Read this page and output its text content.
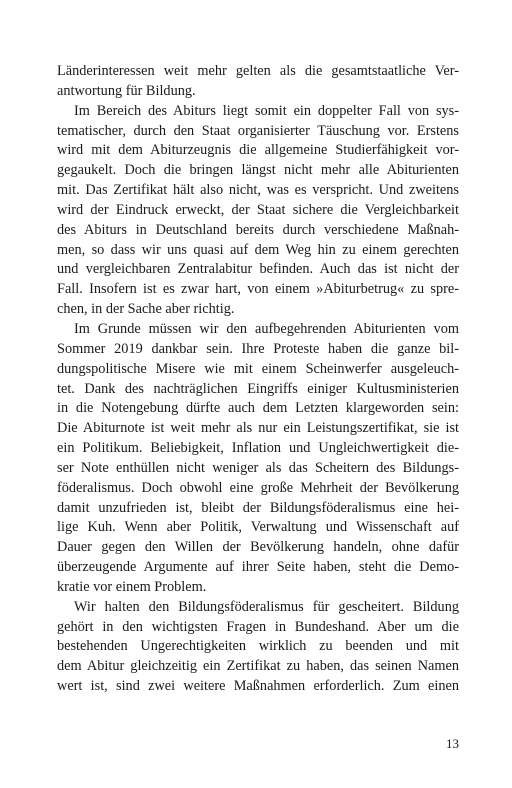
Länderinteressen weit mehr gelten als die gesamtstaatliche Ver-
antwortung für Bildung.
Im Bereich des Abiturs liegt somit ein doppelter Fall von sys-
tematischer, durch den Staat organisierter Täuschung vor. Erstens
wird mit dem Abiturzeugnis die allgemeine Studierfähigkeit vor-
gegaukelt. Doch die bringen längst nicht mehr alle Abiturienten
mit. Das Zertifikat hält also nicht, was es verspricht. Und zweitens
wird der Eindruck erweckt, der Staat sichere die Vergleichbarkeit
des Abiturs in Deutschland bereits durch verschiedene Maßnah-
men, so dass wir uns quasi auf dem Weg hin zu einem gerechten
und vergleichbaren Zentralabitur befinden. Auch das ist nicht der
Fall. Insofern ist es zwar hart, von einem »Abiturbetrug« zu spre-
chen, in der Sache aber richtig.
Im Grunde müssen wir den aufbegehrenden Abiturienten vom
Sommer 2019 dankbar sein. Ihre Proteste haben die ganze bil-
dungspolitische Misere wie mit einem Scheinwerfer ausgeleuch-
tet. Dank des nachträglichen Eingriffs einiger Kultusministerien
in die Notengebung dürfte auch dem Letzten klargeworden sein:
Die Abiturnote ist weit mehr als nur ein Leistungszertifikat, sie ist
ein Politikum. Beliebigkeit, Inflation und Ungleichwertigkeit die-
ser Note enthüllen nicht weniger als das Scheitern des Bildungs-
föderalismus. Doch obwohl eine große Mehrheit der Bevölkerung
damit unzufrieden ist, bleibt der Bildungsföderalismus eine hei-
lige Kuh. Wenn aber Politik, Verwaltung und Wissenschaft auf
Dauer gegen den Willen der Bevölkerung handeln, ohne dafür
überzeugende Argumente auf ihrer Seite haben, steht die Demo-
kratie vor einem Problem.
Wir halten den Bildungsföderalismus für gescheitert. Bildung
gehört in den wichtigsten Fragen in Bundeshand. Aber um die
bestehenden Ungerechtigkeiten wirklich zu beenden und mit
dem Abitur gleichzeitig ein Zertifikat zu haben, das seinen Namen
wert ist, sind zwei weitere Maßnahmen erforderlich. Zum einen
13
